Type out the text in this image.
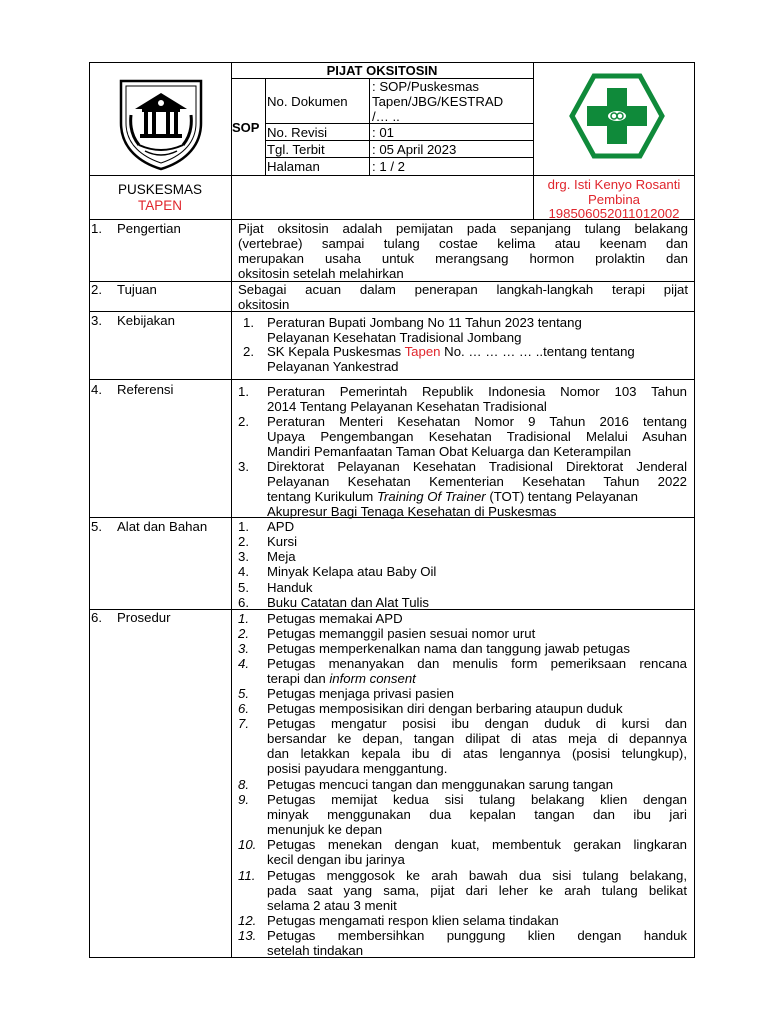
PIJAT OKSITOSIN
SOP
No. Dokumen
: SOP/Puskesmas
Tapen/JBG/KESTRAD
/… ..
No. Revisi	: 01
Tgl. Terbit	: 05 April 2023
Halaman	: 1 / 2
PUSKESMAS
TAPEN
drg. Isti Kenyo Rosanti
Pembina
198506052011012002
1. Pengertian	Pijat oksitosin adalah pemijatan pada sepanjang tulang belakang
(vertebrae) sampai tulang costae kelima atau keenam dan
merupakan usaha untuk merangsang hormon prolaktin dan
oksitosin setelah melahirkan
2. Tujuan	Sebagai acuan dalam penerapan langkah-langkah terapi pijat
oksitosin
3. Kebijakan	1. Peraturan Bupati Jombang No 11 Tahun 2023 tentang
Pelayanan Kesehatan Tradisional Jombang
2. SK Kepala Puskesmas Tapen No. … … … … ..tentang tentang
Pelayanan Yankestrad
4. Referensi	1. Peraturan Pemerintah Republik Indonesia Nomor 103 Tahun
2014 Tentang Pelayanan Kesehatan Tradisional
2. Peraturan Menteri Kesehatan Nomor 9 Tahun 2016 tentang
Upaya Pengembangan Kesehatan Tradisional Melalui Asuhan
Mandiri Pemanfaatan Taman Obat Keluarga dan Keterampilan
3. Direktorat Pelayanan Kesehatan Tradisional Direktorat Jenderal
Pelayanan Kesehatan Kementerian Kesehatan Tahun 2022
tentang Kurikulum Training Of Trainer (TOT) tentang Pelayanan
Akupresur Bagi Tenaga Kesehatan di Puskesmas
5. Alat dan Bahan 1. APD
2. Kursi
3. Meja
4. Minyak Kelapa atau Baby Oil
5. Handuk
6. Buku Catatan dan Alat Tulis
6. Prosedur	1. Petugas memakai APD
2. Petugas memanggil pasien sesuai nomor urut
3. Petugas memperkenalkan nama dan tanggung jawab petugas
4. Petugas menanyakan dan menulis form pemeriksaan rencana
terapi dan inform consent
5. Petugas menjaga privasi pasien
6. Petugas memposisikan diri dengan berbaring ataupun duduk
7. Petugas mengatur posisi ibu dengan duduk di kursi dan
bersandar ke depan, tangan dilipat di atas meja di depannya
dan letakkan kepala ibu di atas lengannya (posisi telungkup),
posisi payudara menggantung.
8. Petugas mencuci tangan dan menggunakan sarung tangan
9. Petugas memijat kedua sisi tulang belakang klien dengan
minyak menggunakan dua kepalan tangan dan ibu jari
menunjuk ke depan
10. Petugas menekan dengan kuat, membentuk gerakan lingkaran
kecil dengan ibu jarinya
11. Petugas menggosok ke arah bawah dua sisi tulang belakang,
pada saat yang sama, pijat dari leher ke arah tulang belikat
selama 2 atau 3 menit
12. Petugas mengamati respon klien selama tindakan
13. Petugas membersihkan punggung klien dengan handuk
setelah tindakan
